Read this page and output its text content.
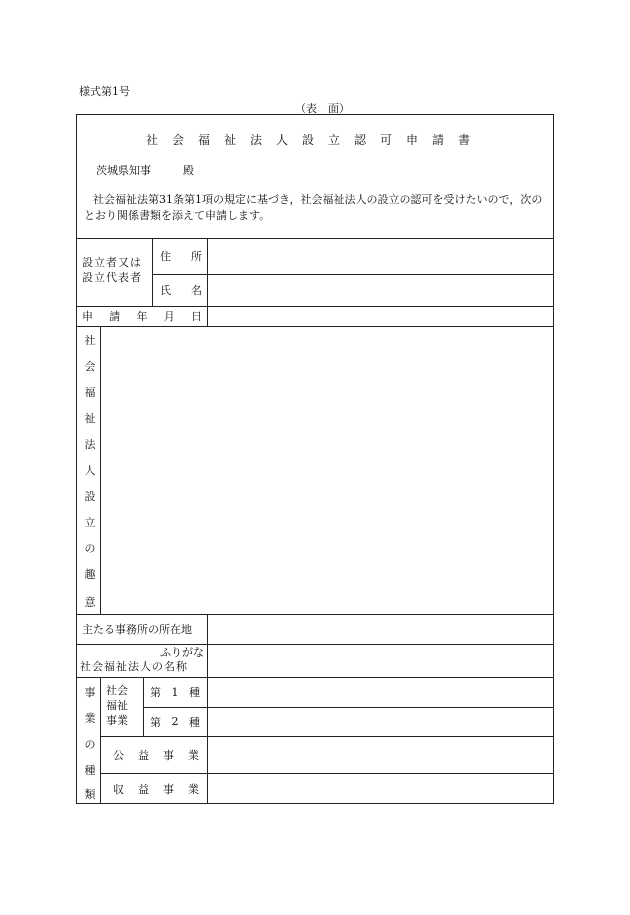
様式第1号
（表　面）
社会福祉法人設立認可申請書
茨城県知事	殿
社会福祉法第31条第1項の規定に基づき，社会福祉法人の設立の認可を受けたいので，次のとおり関係書類を添えて申請します。
設立者又は
設立代表者
住 所
氏 名
申 請 年 月 日
社
会
福
祉
法
人
設
立
の
趣
意
主たる事務所の所在地
ふりがな
社会福祉法人の名称
事
業
の
種
類
社会
福祉
事業
第 1 種
第 2 種
公 益 事 業
収 益 事 業
